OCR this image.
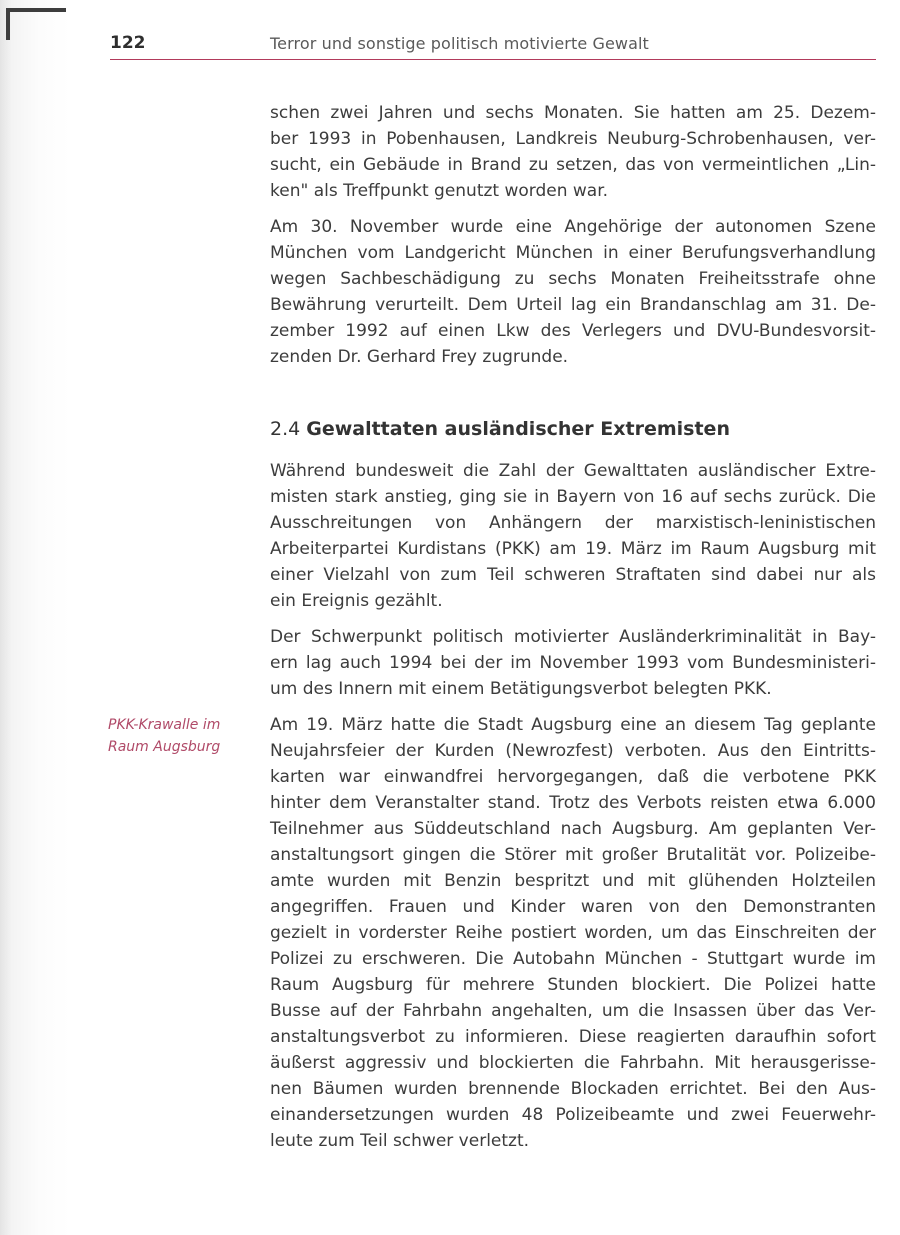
122	Terror und sonstige politisch motivierte Gewalt

schen zwei Jahren und sechs Monaten. Sie hatten am 25. Dezem-
ber 1993 in Pobenhausen, Landkreis Neuburg-Schrobenhausen, ver-
sucht, ein Gebäude in Brand zu setzen, das von vermeintlichen „Lin-
ken" als Treffpunkt genutzt worden war.

Am 30. November wurde eine Angehörige der autonomen Szene
München vom Landgericht München in einer Berufungsverhandlung
wegen Sachbeschädigung zu sechs Monaten Freiheitsstrafe ohne
Bewährung verurteilt. Dem Urteil lag ein Brandanschlag am 31. De-
zember 1992 auf einen Lkw des Verlegers und DVU-Bundesvorsit-
zenden Dr. Gerhard Frey zugrunde.

2.4 Gewalttaten ausländischer Extremisten

Während bundesweit die Zahl der Gewalttaten ausländischer Extre-
misten stark anstieg, ging sie in Bayern von 16 auf sechs zurück. Die
Ausschreitungen von Anhängern der marxistisch-leninistischen
Arbeiterpartei Kurdistans (PKK) am 19. März im Raum Augsburg mit
einer Vielzahl von zum Teil schweren Straftaten sind dabei nur als
ein Ereignis gezählt.

Der Schwerpunkt politisch motivierter Ausländerkriminalität in Bay-
ern lag auch 1994 bei der im November 1993 vom Bundesministeri-
um des Innern mit einem Betätigungsverbot belegten PKK.

PKK-Krawalle im
Raum Augsburg

Am 19. März hatte die Stadt Augsburg eine an diesem Tag geplante
Neujahrsfeier der Kurden (Newrozfest) verboten. Aus den Eintritts-
karten war einwandfrei hervorgegangen, daß die verbotene PKK
hinter dem Veranstalter stand. Trotz des Verbots reisten etwa 6.000
Teilnehmer aus Süddeutschland nach Augsburg. Am geplanten Ver-
anstaltungsort gingen die Störer mit großer Brutalität vor. Polizeibe-
amte wurden mit Benzin bespritzt und mit glühenden Holzteilen
angegriffen. Frauen und Kinder waren von den Demonstranten
gezielt in vorderster Reihe postiert worden, um das Einschreiten der
Polizei zu erschweren. Die Autobahn München - Stuttgart wurde im
Raum Augsburg für mehrere Stunden blockiert. Die Polizei hatte
Busse auf der Fahrbahn angehalten, um die Insassen über das Ver-
anstaltungsverbot zu informieren. Diese reagierten daraufhin sofort
äußerst aggressiv und blockierten die Fahrbahn. Mit herausgerisse-
nen Bäumen wurden brennende Blockaden errichtet. Bei den Aus-
einandersetzungen wurden 48 Polizeibeamte und zwei Feuerwehr-
leute zum Teil schwer verletzt.
